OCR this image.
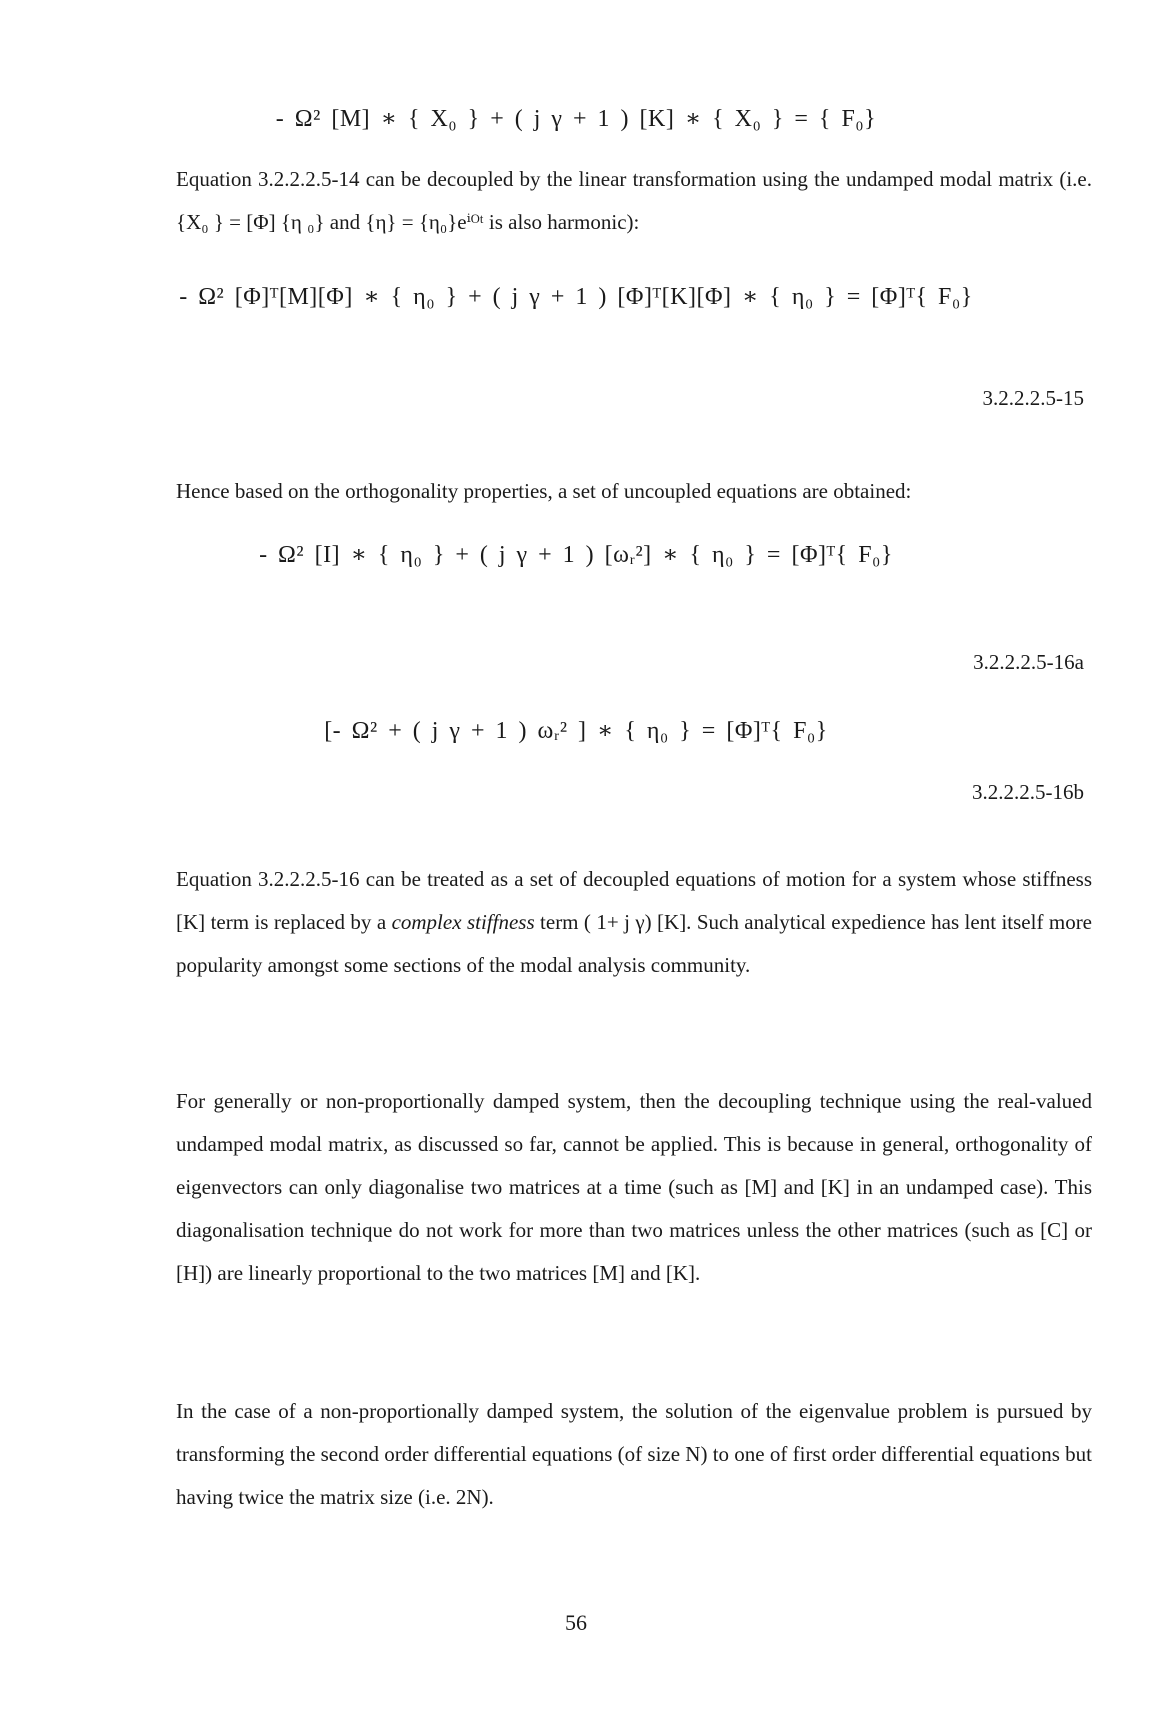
- Ω² [M] ∗ { X₀ } + ( j γ + 1 ) [K] ∗ { X₀ } = { F₀}

Equation 3.2.2.2.5-14 can be decoupled by the linear transformation using the undamped modal matrix (i.e. {X₀ } = [Φ] {η ₀} and {η} = {η₀}eⁱᴼᵗ is also harmonic):

- Ω² [Φ]ᵀ[M][Φ] ∗ { η₀ } + ( j γ + 1 ) [Φ]ᵀ[K][Φ] ∗ { η₀ } = [Φ]ᵀ{ F₀}
3.2.2.2.5-15

Hence based on the orthogonality properties, a set of uncoupled equations are obtained:

- Ω² [I] ∗ { η₀ } + ( j γ + 1 ) [ωᵣ²] ∗ { η₀ } = [Φ]ᵀ{ F₀}
3.2.2.2.5-16a
[- Ω² + ( j γ + 1 ) ωᵣ² ] ∗ { η₀ } = [Φ]ᵀ{ F₀}
3.2.2.2.5-16b

Equation 3.2.2.2.5-16 can be treated as a set of decoupled equations of motion for a system whose stiffness [K] term is replaced by a complex stiffness term ( 1+ j γ) [K]. Such analytical expedience has lent itself more popularity amongst some sections of the modal analysis community.

For generally or non-proportionally damped system, then the decoupling technique using the real-valued undamped modal matrix, as discussed so far, cannot be applied. This is because in general, orthogonality of eigenvectors can only diagonalise two matrices at a time (such as [M] and [K] in an undamped case). This diagonalisation technique do not work for more than two matrices unless the other matrices (such as [C] or [H]) are linearly proportional to the two matrices [M] and [K].

In the case of a non-proportionally damped system, the solution of the eigenvalue problem is pursued by transforming the second order differential equations (of size N) to one of first order differential equations but having twice the matrix size (i.e. 2N).

56
